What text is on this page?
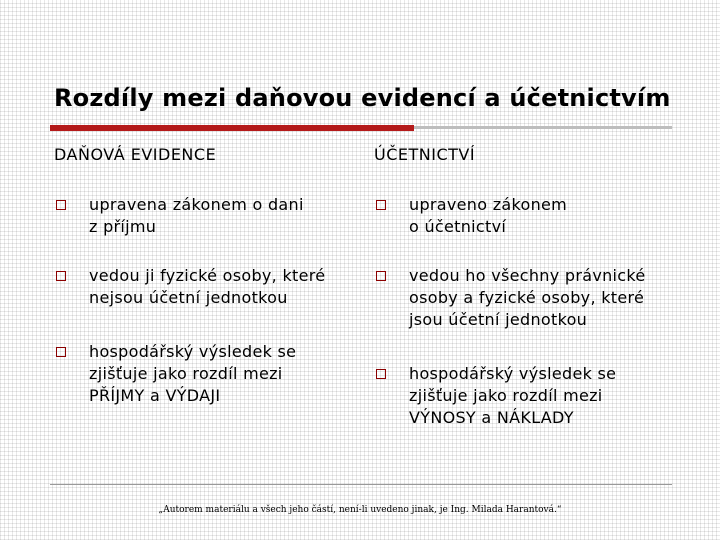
Rozdíly mezi daňovou evidencí a účetnictvím
DAŇOVÁ EVIDENCE
upravena zákonem o dani
z příjmu
vedou ji fyzické osoby, které
nejsou účetní jednotkou
hospodářský výsledek se
zjišťuje jako rozdíl mezi
PŘÍJMY a VÝDAJI
ÚČETNICTVÍ
upraveno zákonem
o účetnictví
vedou ho všechny právnické
osoby a fyzické osoby, které
jsou účetní jednotkou
hospodářský výsledek se
zjišťuje jako rozdíl mezi
VÝNOSY a NÁKLADY
„Autorem materiálu a všech jeho částí, není-li uvedeno jinak, je Ing. Milada Harantová.“
